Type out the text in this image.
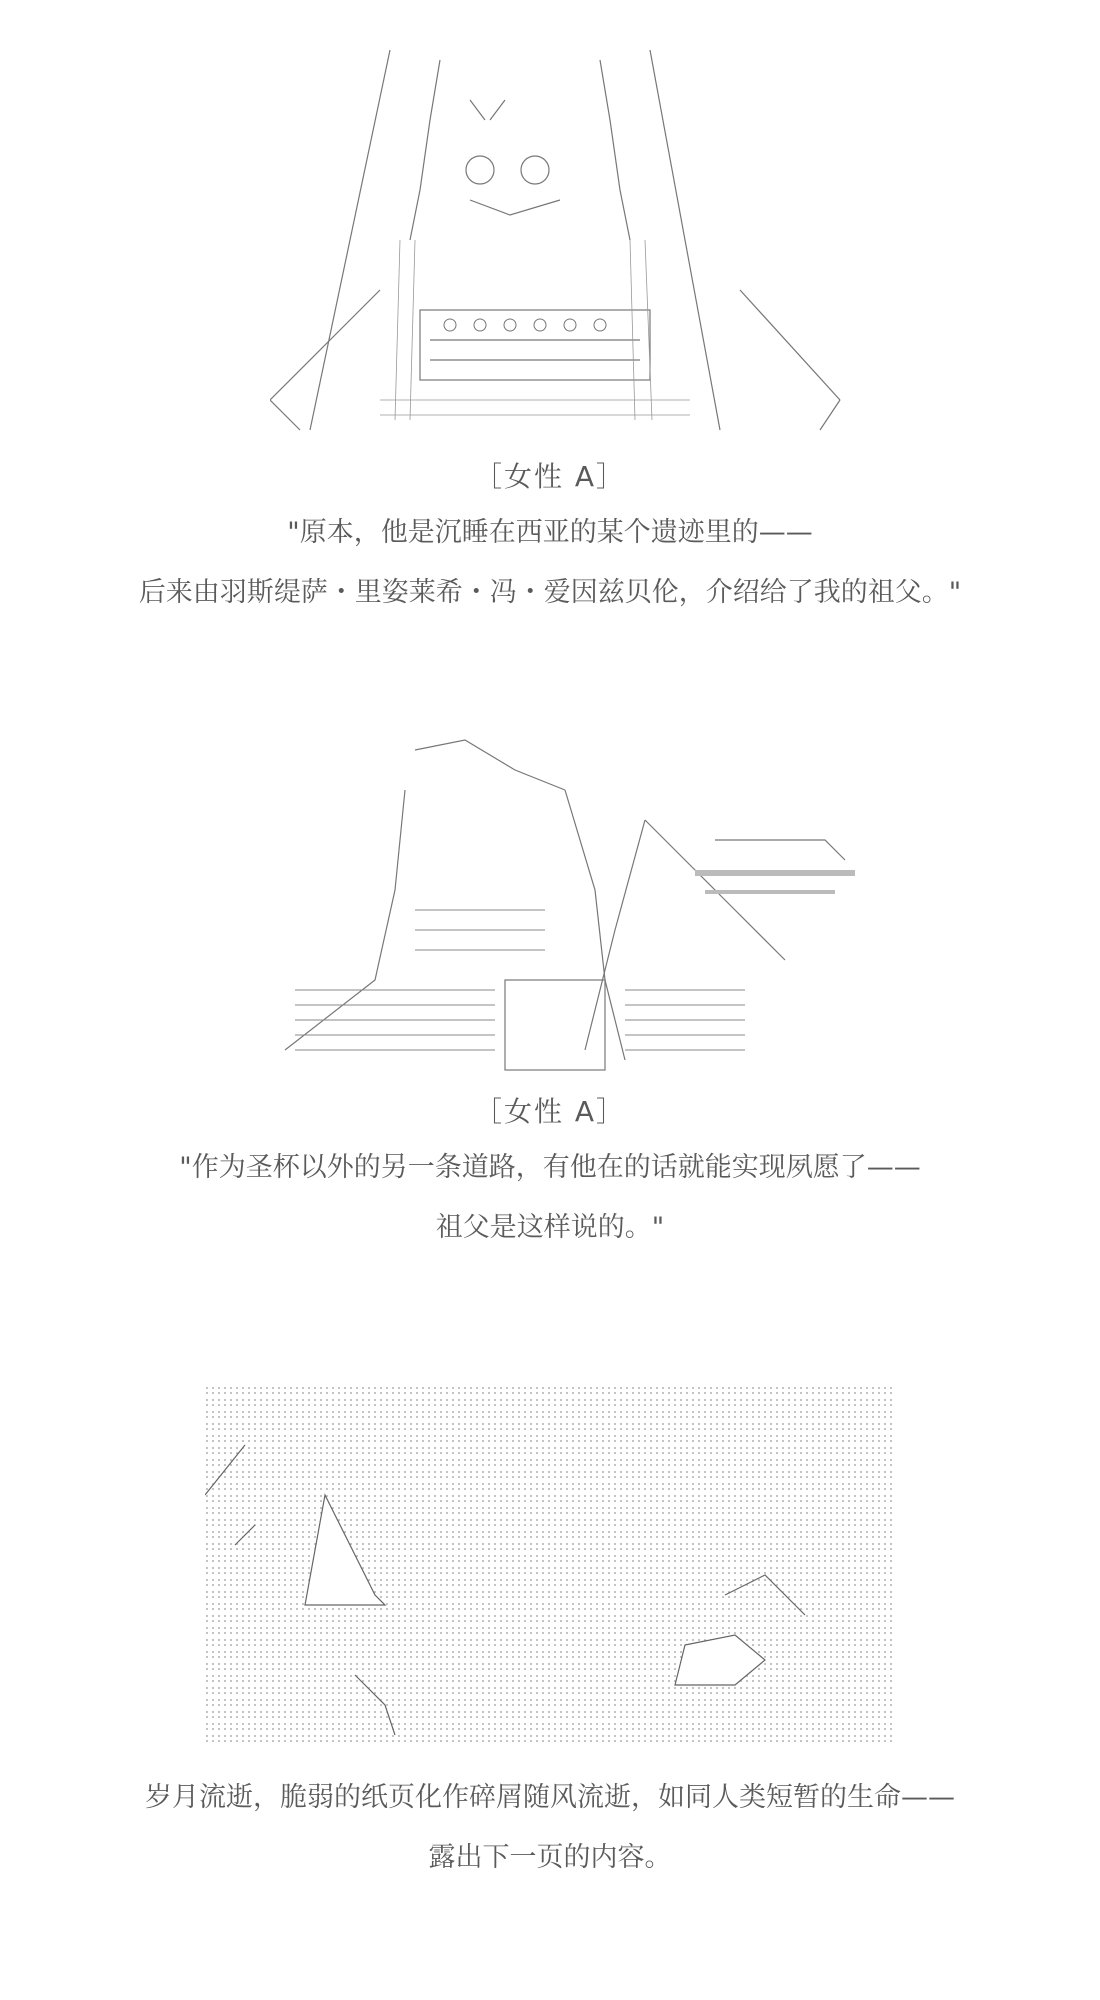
［女性 A］
"原本，他是沉睡在西亚的某个遗迹里的——
后来由羽斯缇萨・里姿莱希・冯・爱因兹贝伦，介绍给了我的祖父。"
［女性 A］
"作为圣杯以外的另一条道路，有他在的话就能实现夙愿了——
祖父是这样说的。"
岁月流逝，脆弱的纸页化作碎屑随风流逝，如同人类短暂的生命——
露出下一页的内容。
